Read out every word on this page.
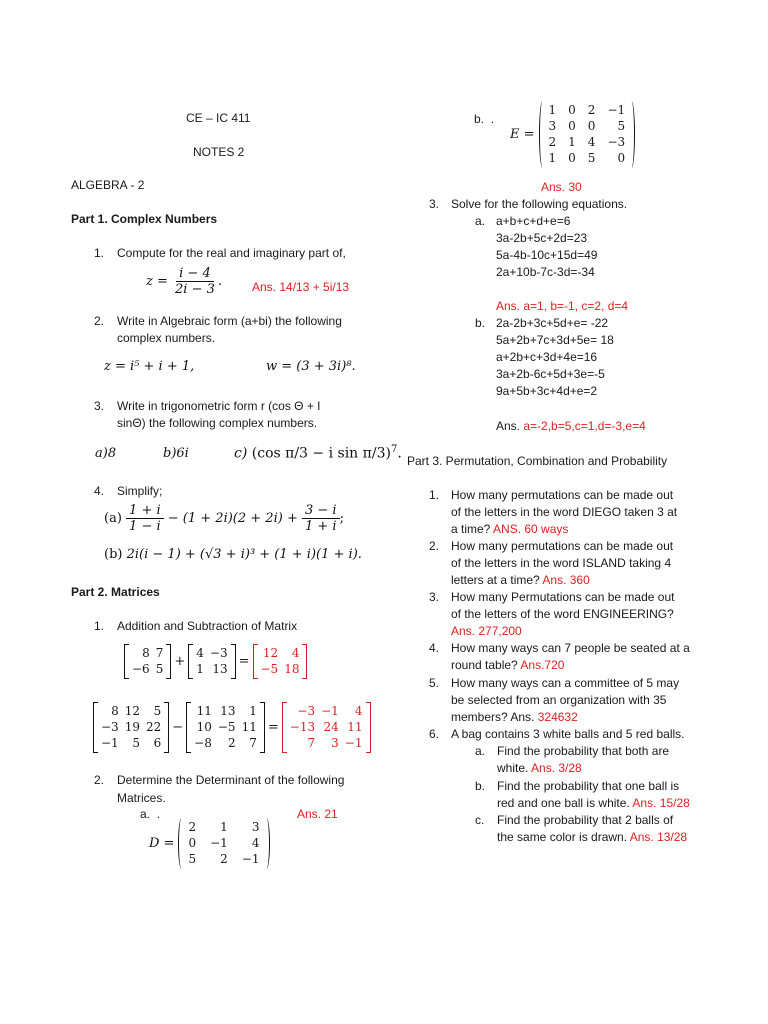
CE – IC 411
NOTES 2
ALGEBRA - 2
Part 1. Complex Numbers
1. Compute for the real and imaginary part of,
$z = \frac{i - 4}{2i - 3}$ . Ans. 14/13 + 5i/13
2. Write in Algebraic form (a+bi) the following
complex numbers.
z = i⁵ + i + 1,	w = (3 + 3i)⁸.
3. Write in trigonometric form r (cos Θ + I
sinΘ) the following complex numbers.
a)8	b)6i	c) (cos π/3 − i sin π/3)$^7$.
4. Simplify;
$(a) \frac{1 + i}{1 - i} - (1 + 2i)(2 + 2i) + \frac{3 - i}{1 + i}$ ;
(b) 2i(i − 1) + (√3 + i)³ + (1 + i)(1 + i).
Part 2. Matrices
1. Addition and Subtraction of Matrix
8 7
−6 5 +
4 −3
1 13 =
12	4
−5 18
8 12	5
−3 19 22
−1	5	6
−
11 13	1
10 −5 11
−8	2	7
=
−3 −1	4
−13 24 11
7	3 −1
2. Determine the Determinant of the following
Matrices.
a. .	Ans. 21
D =
2	1	3
0 −1	4
5	2 −1
b. .
E =
1 0 2 −1
3 0 0	5
2 1 4 −3
1 0 5	0
Ans. 30
3. Solve for the following equations.
a. a+b+c+d+e=6
3a-2b+5c+2d=23
5a-4b-10c+15d=49
2a+10b-7c-3d=-34
Ans. a=1, b=-1, c=2, d=4
b. 2a-2b+3c+5d+e= -22
5a+2b+7c+3d+5e= 18
a+2b+c+3d+4e=16
3a+2b-6c+5d+3e=-5
9a+5b+3c+4d+e=2
Ans. a=-2,b=5,c=1,d=-3,e=4
Part 3. Permutation, Combination and Probability
1. How many permutations can be made out
of the letters in the word DIEGO taken 3 at
a time? ANS. 60 ways
2. How many permutations can be made out
of the letters in the word ISLAND taking 4
letters at a time? Ans. 360
3. How many Permutations can be made out
of the letters of the word ENGINEERING?
Ans. 277,200
4. How many ways can 7 people be seated at a
round table? Ans.720
5. How many ways can a committee of 5 may
be selected from an organization with 35
members? Ans. 324632
6. A bag contains 3 white balls and 5 red balls.
a. Find the probability that both are
white. Ans. 3/28
b. Find the probability that one ball is
red and one ball is white. Ans. 15/28
c. Find the probability that 2 balls of
the same color is drawn. Ans. 13/28
